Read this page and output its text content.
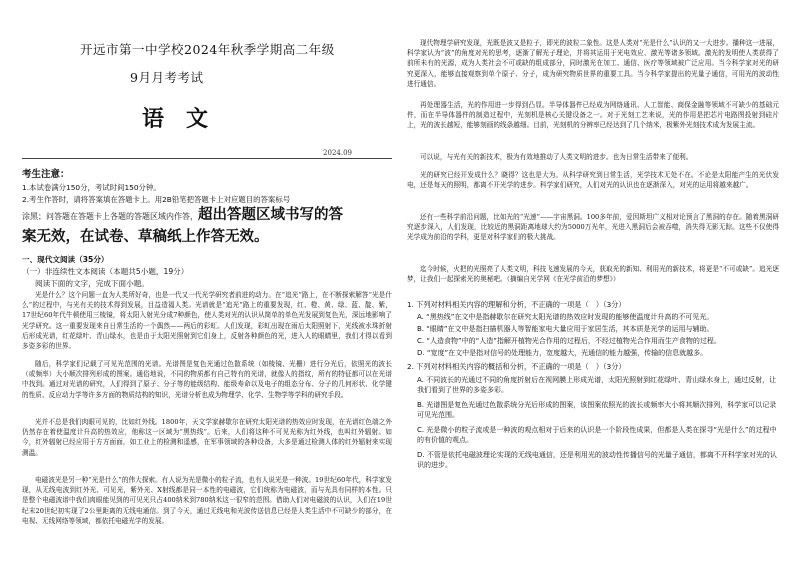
开远市第一中学校2024年秋季学期高二年级
9月月考考试
语文
2024.09
考生注意：
1.本试卷满分150分，考试时间150分钟。
2.考生作答时，请将答案填在答题卡上。用2B铅笔把答题卡上对应题目的答案标号
涂黑；问答题在答题卡上各题的答题区域内作答，超出答题区域书写的答
案无效，在试卷、草稿纸上作答无效。
一、现代文阅读（35分）
（一）非连续性文本阅读（本题共5小题，19分）
阅读下面的文字，完成下面小题。
光是什么？这个问题一直为人类所好奇，也是一代又一代光学研究者前进的动力。在“追光”路上，在不断探索解答“光是什么”的过程中，与光有关的技术得到发展，目益造福人类。光谱就是“追光”路上的重要发现，红、橙、黄、绿、蓝、靛、紫，17世纪60年代牛顿使用三棱镜，将太阳入射光分成7种颜色，使人类对光的认识从简单的单色光发展到复色光，深远地影响了光学研究。这一重要发现来自日常生活的一个偶然——两后的彩虹。人们发现，彩虹出现在雨后太阳照射下，光线被水珠折射后形成光谱，红花绿叶、青山绿水，也是由于太阳光照射到它们身上，反射各种颜色的光，进入人的眼睛里，我们才得以看到多姿多彩的世界。
随后，科学家们记载了可见光范围的光谱。光谱图是复色光通过色散系统（如棱镜、光栅）进行分光后，依照光的波长（或频率）大小顺次排列形成的图案。通俗地说，不同的物质都有自己特有的光谱，就像人的指纹，所有的特征都可以在光谱中找到。通过对光谱的研究，人们得到了原子、分子等的能级结构、能级寿命以及电子的组态分布、分子的几何形状、化学键的性质、反应动力学等许多方面的物质结构的知识，光谱分析也成为物理学、化学、生物学等学科的研究手段。
光并不总是我们肉眼可见的，比如红外线。1800年，天文学家赫歇尔在研究太阳光谱的热效应时发现，在光谱红色端之外仍然存在着使温度计升高的热效应，他称这一区域为“黑热线”。后来，人们将这种不可见光称为红外线，也叫红外辐射。如今，红外辐射已经应用于方方面面，如工业上的检测和遥感，在军事领域的各种设备，大多是通过检测人体的红外辐射来实现测温。
电磁波光是另一种“光是什么”的伟大探索。有人说为光是微小的粒子流，也有人说光是一种波。19世纪60年代，科学家发现，从无线电波到红外光、可见光，紫外光、X射线都是同一本性的电磁波，它们统称为电磁波，而与光具有同样的本性。只是整个电磁波谱中我们肉眼能见到的可见光只占400纳米到780纳米这一很窄的范围。借助人们对电磁波的认识，人们在19世纪末20世纪初实现了2公里距离的无线电通信。到了今天，通过无线电和光波传送信息已经是人类生活中不可缺少的部分，在电视、无线网络等领域，都依托电磁光学的发展。
现代物理学研究发现，光既是波又是粒子，即光的波粒二象性。这是人类对“光是什么”认识的又一大进步。播种这一进展，科学家认为“波”的角度对光的思考，逐渐了解光子理论，并将其运用于光电效应、激光等诸多领域。激光的发明使人类获得了前所未有的光源，成为人类社会不可或缺的组成部分，同时激光在加工、通信、医疗等领域被广泛应用。当今科学家对光的研究更深入，能够直接观察到单个原子、分子，成为研究物质世界的重要工具。当今科学家提出的光量子通信，可用光的波动性进行通信。
再处理器生活，光的作用进一步得到凸显。半导体器件已经成为网络通讯、人工智能、商保金融等领域不可缺少的基础元件，而在半导体器件的制造过程中，光刻机是核心关键设备之一。对于光刻工艺来说，光的作用是把芯片电路图投射到硅片上，光的波长越短，能够刻画的线条越细。目前，光刻机的分辨率已经达到了几个纳米，极紫外光刻技术成为发展主流。
可以说，与光有关的新技术，极为有效地推动了人类文明的进步。也为日常生活带来了便利。
光的研究已经开发成什么？晓得？这也是大为。从科学研究到日常生活，光学技术无处不在。不论是太阳能产生的光伏发电，还是每天的照明，都离不开光学的进步。科学家们研究，人们对光的认识也在逐渐深入，对光的运用将越来越广。
还有一些科学前沿问题，比如光的“光速”——宇宙黑洞。100多年前，爱因斯坦广义相对论预言了黑洞的存在。随着黑洞研究逐步深入，人们发现，比较近的黑洞距离地球大约为5000万光年，光进入黑洞后会被吞噬，消失得无影无踪。这些不仅使得光学成为前沿的学科，更是对科学家们的极大挑战。
迄今时候，火把的光照亮了人类文明，科技飞速发展的今天，获取光的新知、利用光的新技术，将更是“不可或缺”。追光逐梦，让我们一起探索光的奥秘吧。（摘编自光学网《在光学前沿的梦想》）
1. 下列对材料相关内容的理解和分析，不正确的一项是（　）（3分）
A. “黑热线”在文中是指赫歇尔在研究太阳光谱的热效应时发现的能够使温度计升高的不可见光。
B. “眼睛”在文中是指扫描机器人等智能家电大量应用于家居生活，其本质是光学的运用与辅助。
C. “人造食物”中的“人造”指解开植物光合作用的过程后，不经过植物光合作用而生产食物的过程。
D. “宽度”在文中是指对信号的处理能力，宽度越大，光通信的能力越强，传输的信息就越多。
2. 下列对材料相关内容的概括和分析，不正确的一项是（　）（3分）
A. 不同波长的光通过不同的角度折射后在视网膜上形成光谱，太阳光照射到红花绿叶、青山绿水身上，通过反射，让我们看到了世界的多姿多彩。
B. 光谱图是复色光通过色散系统分光后形成的图案，该图案依照光的波长或频率大小将其顺次排列，科学家可以记录可见光范围。
C. 光是微小的粒子流或是一种波的观点相对于后来的认识是一个阶段性成果，但都是人类在探寻“光是什么”的过程中的有价值的观点。
D. 不管是依托电磁波理论实现的无线电通信，还是利用光的波动性传播信号的光量子通信，都离不开科学家对光的认识的进步。
